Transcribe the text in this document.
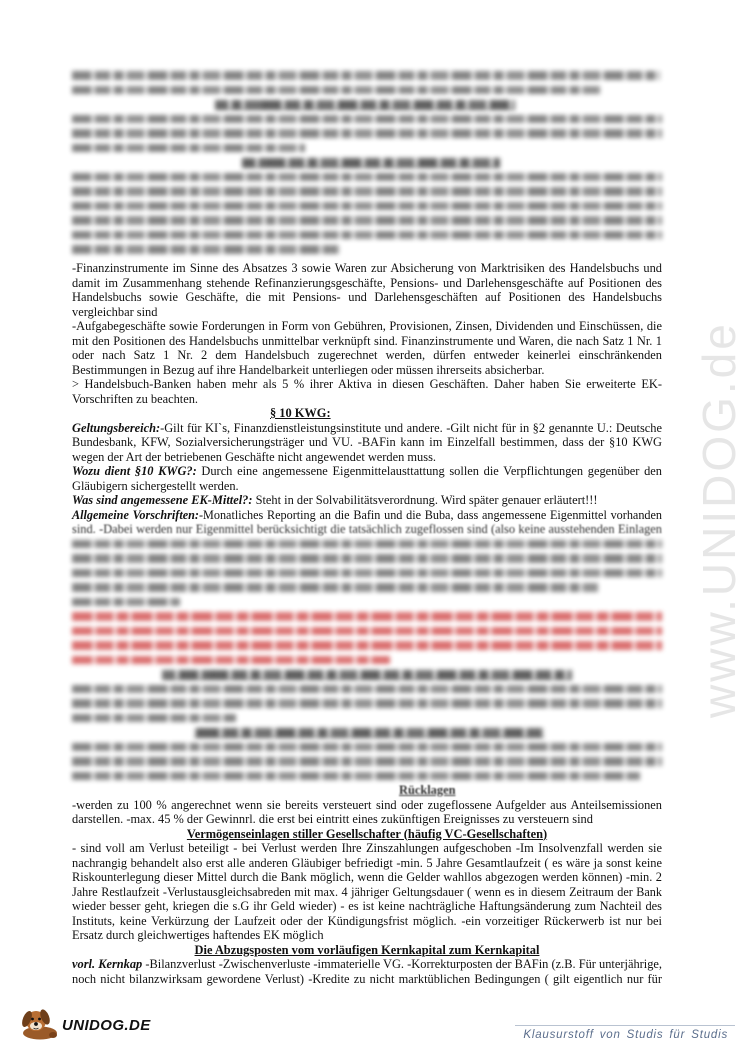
www.UNIDOG.de
-Finanzinstrumente im Sinne des Absatzes 3 sowie Waren zur Absicherung von Marktrisiken des Handelsbuchs und
damit im Zusammenhang stehende Refinanzierungsgeschäfte, Pensions- und Darlehensgeschäfte auf Positionen des
Handelsbuchs sowie Geschäfte, die mit Pensions- und Darlehensgeschäften auf Positionen des Handelsbuchs
vergleichbar sind
-Aufgabegeschäfte sowie Forderungen in Form von Gebühren, Provisionen, Zinsen, Dividenden und Einschüssen, die
mit den Positionen des Handelsbuchs unmittelbar verknüpft sind. Finanzinstrumente und Waren, die nach Satz 1 Nr. 1
oder nach Satz 1 Nr. 2 dem Handelsbuch zugerechnet werden, dürfen entweder keinerlei einschränkenden
Bestimmungen in Bezug auf ihre Handelbarkeit unterliegen oder müssen ihrerseits absicherbar.
> Handelsbuch-Banken haben mehr als 5 % ihrer Aktiva in diesen Geschäften. Daher haben Sie erweiterte EK-
Vorschriften zu beachten.
§ 10 KWG:
Geltungsbereich:-Gilt für KI`s, Finanzdienstleistungsinstitute und andere. -Gilt nicht für in §2 genannte U.: Deutsche
Bundesbank, KFW, Sozialversicherungsträger und VU. -BAFin kann im Einzelfall bestimmen, dass der §10 KWG
wegen der Art der betriebenen Geschäfte nicht angewendet werden muss.
Wozu dient §10 KWG?: Durch eine angemessene Eigenmittelausttattung sollen die Verpflichtungen gegenüber den
Gläubigern sichergestellt werden.
Was sind angemessene EK-Mittel?: Steht in der Solvabilitätsverordnung. Wird später genauer erläutert!!!
Allgemeine Vorschriften:-Monatliches Reporting an die Bafin und die Buba, dass angemessene Eigenmittel vorhanden
sind. -Dabei werden nur Eigenmittel berücksichtigt die tatsächlich zugeflossen sind (also keine ausstehenden Einlagen
Rücklagen
-werden zu 100 % angerechnet wenn sie bereits versteuert sind oder zugeflossene Aufgelder aus Anteilsemissionen
darstellen. -max. 45 % der Gewinnrl. die erst bei eintritt eines zukünftigen Ereignisses zu versteuern sind
Vermögenseinlagen stiller Gesellschafter (häufig VC-Gesellschaften)
- sind voll am Verlust beteiligt - bei Verlust werden Ihre Zinszahlungen aufgeschoben -Im Insolvenzfall werden sie
nachrangig behandelt also erst alle anderen Gläubiger befriedigt -min. 5 Jahre Gesamtlaufzeit ( es wäre ja sonst keine
Riskounterlegung dieser Mittel durch die Bank möglich, wenn die Gelder wahllos abgezogen werden können) -min. 2
Jahre Restlaufzeit -Verlustausgleichsabreden mit max. 4 jähriger Geltungsdauer ( wenn es in diesem Zeitraum der Bank
wieder besser geht, kriegen die s.G ihr Geld wieder) - es ist keine nachträgliche Haftungsänderung zum Nachteil des
Instituts, keine Verkürzung der Laufzeit oder der Kündigungsfrist möglich. -ein vorzeitiger Rückerwerb ist nur bei
Ersatz durch gleichwertiges haftendes EK möglich
Die Abzugsposten vom vorläufigen Kernkapital zum Kernkapital
vorl. Kernkap -Bilanzverlust -Zwischenverluste -immaterielle VG. -Korrekturposten der BAFin (z.B. Für unterjährige,
noch nicht bilanzwirksam gewordene Verlust) -Kredite zu nicht marktüblichen Bedingungen ( gilt eigentlich nur für
UNIDOG.DE
Klausurstoff von Studis für Studis
